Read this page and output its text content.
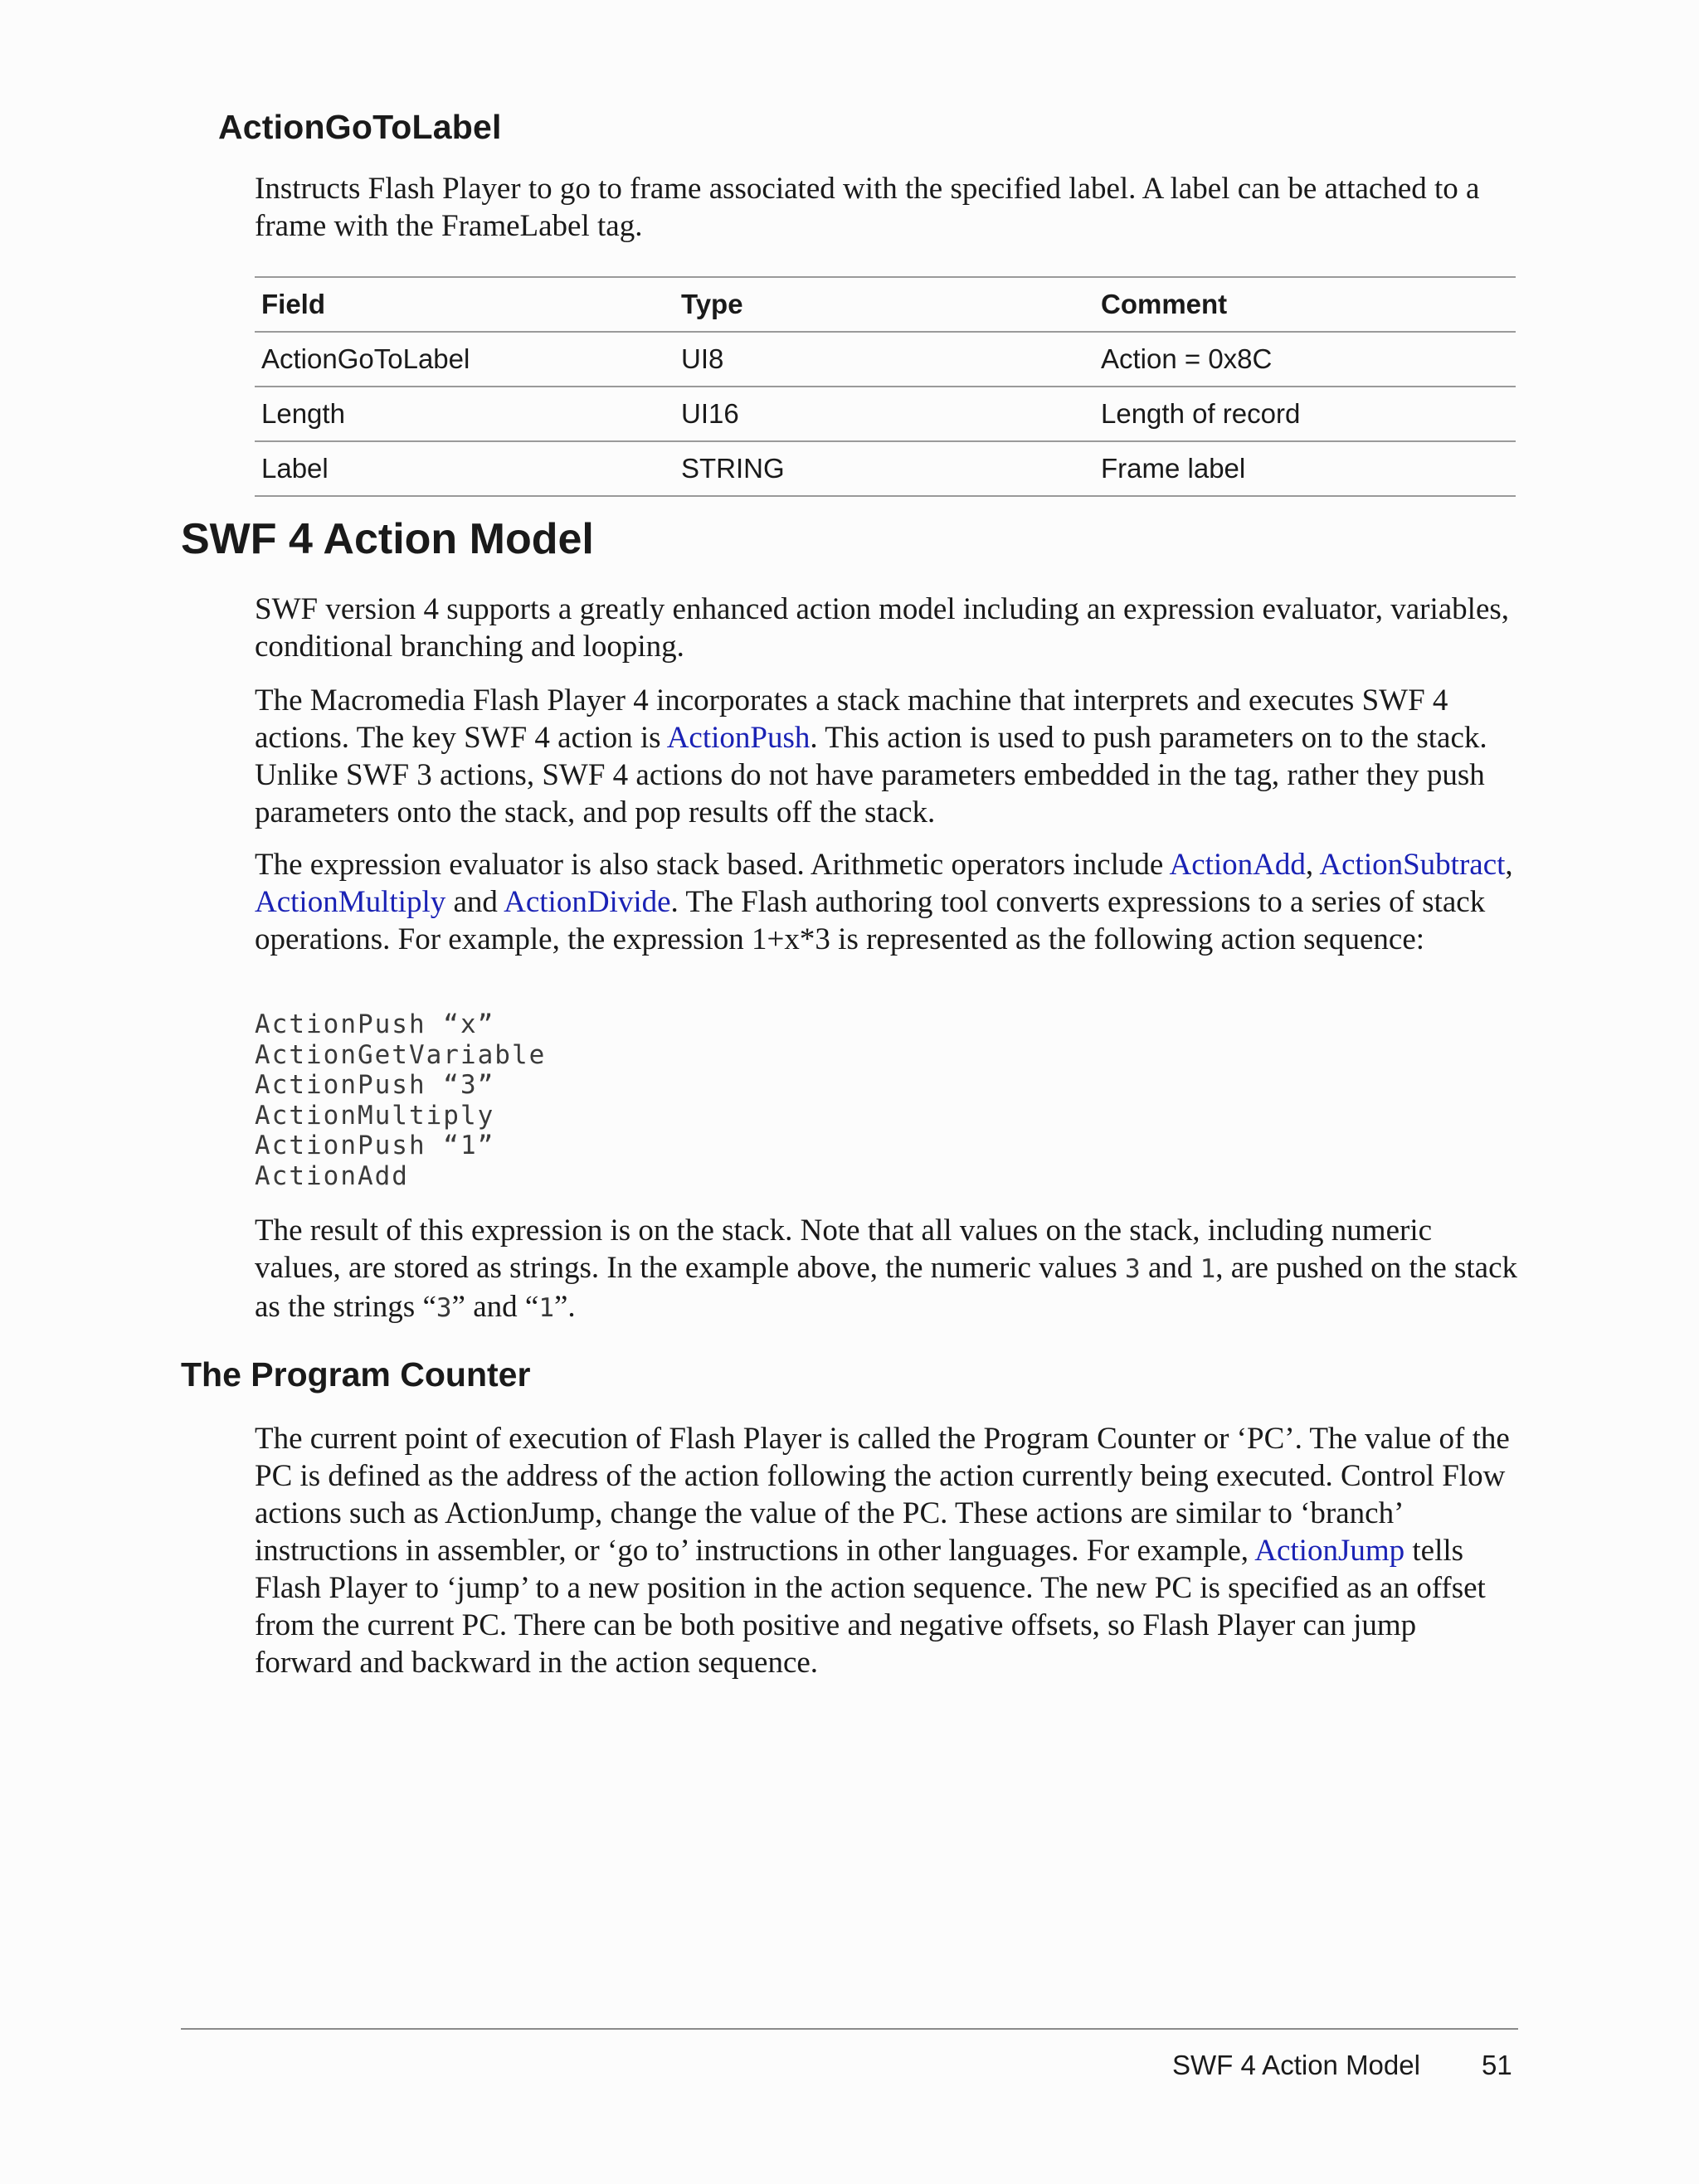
ActionGoToLabel

Instructs Flash Player to go to frame associated with the specified label. A label can be attached to a frame with the FrameLabel tag.

Field	Type	Comment
ActionGoToLabel	UI8	Action = 0x8C
Length	UI16	Length of record
Label	STRING	Frame label
SWF 4 Action Model

SWF version 4 supports a greatly enhanced action model including an expression evaluator, variables, conditional branching and looping.

The Macromedia Flash Player 4 incorporates a stack machine that interprets and executes SWF 4 actions. The key SWF 4 action is ActionPush. This action is used to push parameters on to the stack. Unlike SWF 3 actions, SWF 4 actions do not have parameters embedded in the tag, rather they push parameters onto the stack, and pop results off the stack.

The expression evaluator is also stack based. Arithmetic operators include ActionAdd, ActionSubtract, ActionMultiply and ActionDivide. The Flash authoring tool converts expressions to a series of stack operations. For example, the expression 1+x*3 is represented as the following action sequence:

ActionPush “x”
ActionGetVariable
ActionPush “3”
ActionMultiply
ActionPush “1”
ActionAdd

The result of this expression is on the stack. Note that all values on the stack, including numeric values, are stored as strings. In the example above, the numeric values 3 and 1, are pushed on the stack as the strings “3” and “1”.

The Program Counter

The current point of execution of Flash Player is called the Program Counter or ‘PC’. The value of the PC is defined as the address of the action following the action currently being executed. Control Flow actions such as ActionJump, change the value of the PC. These actions are similar to ‘branch’ instructions in assembler, or ‘go to’ instructions in other languages. For example, ActionJump tells Flash Player to ‘jump’ to a new position in the action sequence. The new PC is specified as an offset from the current PC. There can be both positive and negative offsets, so Flash Player can jump forward and backward in the action sequence.

SWF 4 Action Model 51
